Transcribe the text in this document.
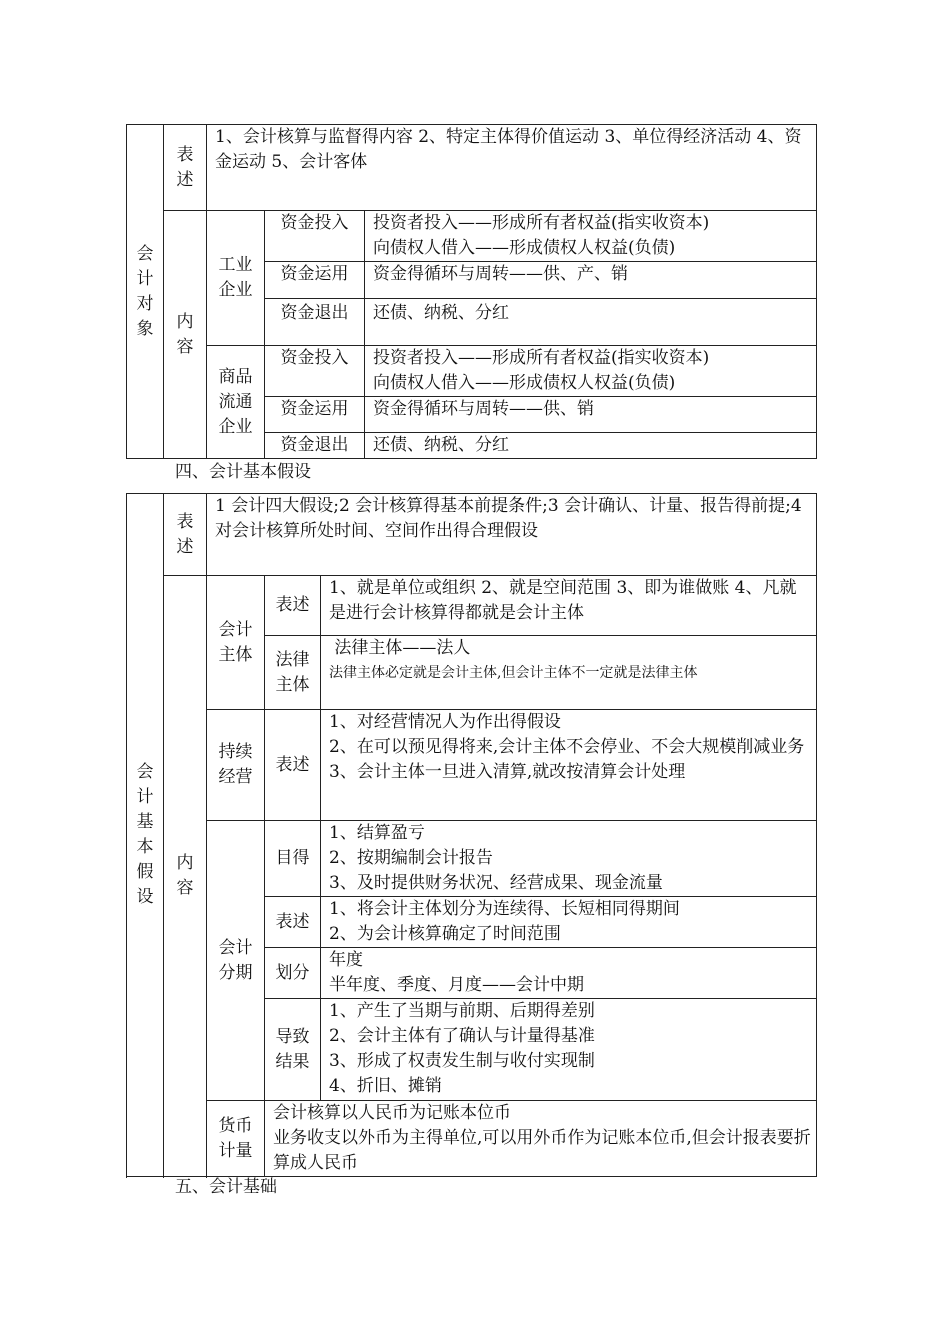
会计对象	表述	1、会计核算与监督得内容 2、特定主体得价值运动 3、单位得经济活动 4、资金运动 5、会计客体		
	内容	工业企业	资金投入	投资者投入——形成所有者权益(指实收资本)
向债权人借入——形成债权人权益(负债)

			资金运用	资金得循环与周转——供、产、销
			资金退出	还债、纳税、分红
		商品流通企业	资金投入	投资者投入——形成所有者权益(指实收资本)
向债权人借入——形成债权人权益(负债)

			资金运用	资金得循环与周转——供、销
			资金退出	还债、纳税、分红
四、会计基本假设
会计基本假设	表述	1 会计四大假设;2 会计核算得基本前提条件;3 会计确认、计量、报告得前提;4 对会计核算所处时间、空间作出得合理假设		
	内容	会计主体	表述	1、就是单位或组织 2、就是空间范围 3、即为谁做账 4、凡就是进行会计核算得都就是会计主体
			法律主体	法律主体——法人
法律主体必定就是会计主体,但会计主体不一定就是法律主体

		持续经营	表述	1、对经营情况人为作出得假设
2、在可以预见得将来,会计主体不会停业、不会大规模削减业务
3、会计主体一旦进入清算,就改按清算会计处理

		会计分期	目得	1、结算盈亏
2、按期编制会计报告
3、及时提供财务状况、经营成果、现金流量

			表述	1、将会计主体划分为连续得、长短相同得期间
2、为会计核算确定了时间范围

			划分	年度
半年度、季度、月度——会计中期

			导致结果	1、产生了当期与前期、后期得差别
2、会计主体有了确认与计量得基准
3、形成了权责发生制与收付实现制
4、折旧、摊销

		货币计量	会计核算以人民币为记账本位币
业务收支以外币为主得单位,可以用外币作为记账本位币,但会计报表要折算成人民币	

五、会计基础
